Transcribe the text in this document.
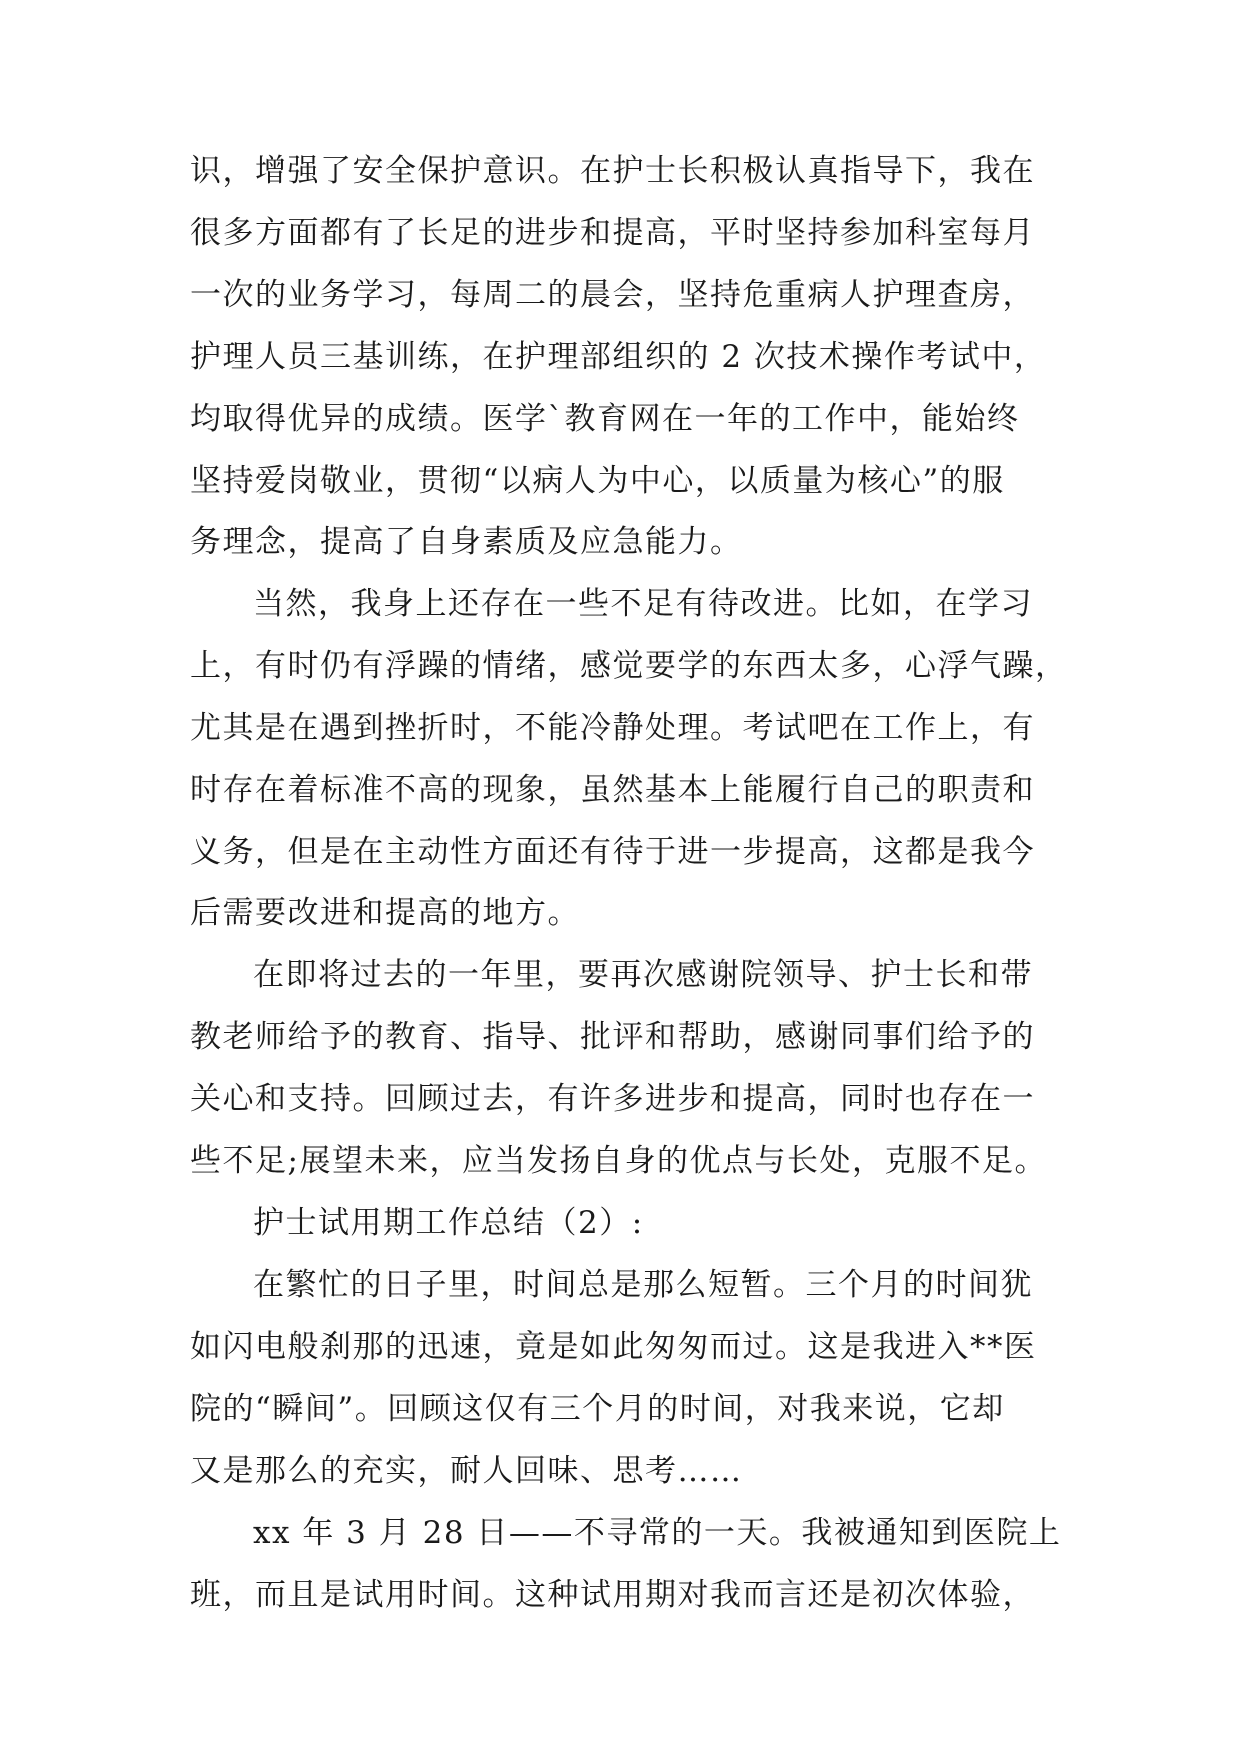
识，增强了安全保护意识。在护士长积极认真指导下，我在
很多方面都有了长足的进步和提高，平时坚持参加科室每月
一次的业务学习，每周二的晨会，坚持危重病人护理查房，
护理人员三基训练，在护理部组织的 2 次技术操作考试中，
均取得优异的成绩。医学`教育网在一年的工作中，能始终
坚持爱岗敬业，贯彻“以病人为中心，以质量为核心”的服
务理念，提高了自身素质及应急能力。
当然，我身上还存在一些不足有待改进。比如，在学习
上，有时仍有浮躁的情绪，感觉要学的东西太多，心浮气躁，
尤其是在遇到挫折时，不能冷静处理。考试吧在工作上，有
时存在着标准不高的现象，虽然基本上能履行自己的职责和
义务，但是在主动性方面还有待于进一步提高，这都是我今
后需要改进和提高的地方。
在即将过去的一年里，要再次感谢院领导、护士长和带
教老师给予的教育、指导、批评和帮助，感谢同事们给予的
关心和支持。回顾过去，有许多进步和提高，同时也存在一
些不足;展望未来，应当发扬自身的优点与长处，克服不足。
护士试用期工作总结（2）:
在繁忙的日子里，时间总是那么短暂。三个月的时间犹
如闪电般刹那的迅速，竟是如此匆匆而过。这是我进入**医
院的“瞬间”。回顾这仅有三个月的时间，对我来说，它却
又是那么的充实，耐人回味、思考……
xx 年 3 月 28 日——不寻常的一天。我被通知到医院上
班，而且是试用时间。这种试用期对我而言还是初次体验，
